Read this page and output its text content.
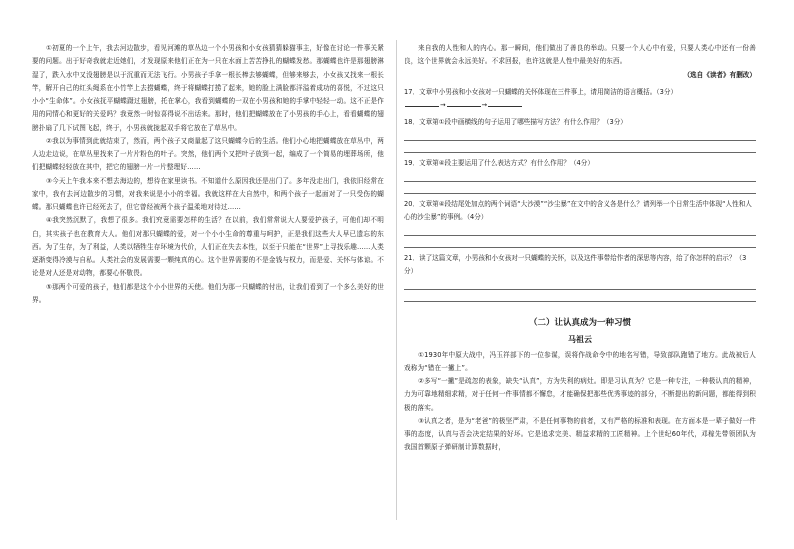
①初夏的一个上午，我去河边散步，看见河滩的草丛边一个小男孩和小女孩猜猜躲猫事主，好像在讨论一件事关紧要的问题。出于好奇我就走近她们，才发现原来他们正在为一只在水面上苦苦挣扎的蝴蝶发愁。那蝴蝶也许是那翅膀淋湿了，跌入水中又没翅膀是以于沉重而无法飞行。小男孩子手拿一根长棒去够蝴蝶，但够来够去，小女孩又找来一根长竿，解开自己的红头绳系在小竹竿上去捞蝴蝶，终于将蝴蝶打捞了起来，她的脸上满脸都洋溢着成功的喜悦，不过这只小小“生命体”。小女孩抚平蝴蝶蹑过翅膀，托在掌心，我看到蝴蝶的一双在小男孩和她的手掌中轻轻一动。这不正是作用的同情心和更好的关爱吗？我竟然一时惊喜得说不出话来。那时，他们把蝴蝶放在了小男孩的手心上，看看蝴蝶的翅膀扑扇了几下试图飞起，终于，小男孩就拢起双手将它放在了草丛中。

②我以为事情到此就结束了，然而，两个孩子又商量起了这只蝴蝶今后的生活。他们小心地把蝴蝶放在草丛中，两人边走边说，在草丛里找来了一片片粉色的叶子。突然，他们两个又把叶子放到一起，编成了一个简易的埋葬场所，他们把蝴蝶轻轻放在其中，把它的翅膀一片一片整理好……

③今天上午我本来不想去海边的，想待在家里读书。不知道什么原因我还是出门了。多年没走出门，我依旧经常在家中，我有去河边散步的习惯，对我来说是小小的幸福。我就这样在大自然中，和两个孩子一起面对了一只受伤的蝴蝶。那只蝴蝶也许已经死去了，但它曾经被两个孩子温柔地对待过……

④我突然沉默了，我想了很多。我们究竟需要怎样的生活？在以前，我们常常说大人要爱护孩子，可他们却不明白，其实孩子也在教育大人。他们对那只蝴蝶的爱，对一个小小生命的尊重与呵护，正是我们这些大人早已遗忘的东西。为了生存，为了利益，人类以牺牲生存环境为代价，人们正在失去本性，以至于只能在“世界”上寻找乐趣……人类逐渐变得冷漠与自私。人类社会的发展需要一颗纯真的心。这个世界需要的不是金钱与权力，而是爱、关怀与体谅。不论是对人还是对动物，都要心怀敬畏。

⑤那两个可爱的孩子，他们都是这个小小世界的天使。他们为那一只蝴蝶的付出，让我们看到了一个多么美好的世界。

来自我的人性和人的内心。那一瞬间，他们做出了善良的举动。只要一个人心中有爱，只要人类心中还有一份善良，这个世界就会永远美好。不求回报，也许这就是人性中最美好的东西。

（选自《读者》有删改）

17．文章中小男孩和小女孩对一只蝴蝶的关怀体现在三件事上，请用简洁的语言概括。（3分）

→	→

18．文章第①段中画横线的句子运用了哪些描写方法？有什么作用？（3分）

19．文章第④段主要运用了什么表达方式？有什么作用？（4分）

20．文章第④段结尾处加点的两个词语“大沙漠”“沙尘暴”在文中的含义各是什么？请列举一个日常生活中体现“人性和人心的沙尘暴”的事例。（4分）

21．读了这篇文章，小男孩和小女孩对一只蝴蝶的关怀，以及这件事带给作者的深思等内容，给了你怎样的启示？（3分）

（二）让认真成为一种习惯

马祖云

①1930年中原大战中，冯玉祥部下的一位参谋，误将作战命令中的地名写错，导致部队跑错了地方。此战被后人戏称为“错在一撇上”。

②多写“一撇”是疏忽的表象，缺失“认真”，方为失利的病灶。即是习认真为？它是一种专注，一种极认真的精神，力为可靠地精细求精，对于任何一件事情都不懈怠，才能确保把那些优秀事迹的部分，不断提出的新问题，都能得到积极的落实。

③认真之者，是为“老爸”的极坚严肃，不是任何事物的前者，又有严格的标准和表现。在方面本是一辈子做好一件事的态度，认真与否会决定结果的好坏。它是追求完美、精益求精的工匠精神。上个世纪60年代，邓稼先带领团队为我国首颗原子弹研制计算数据时，
